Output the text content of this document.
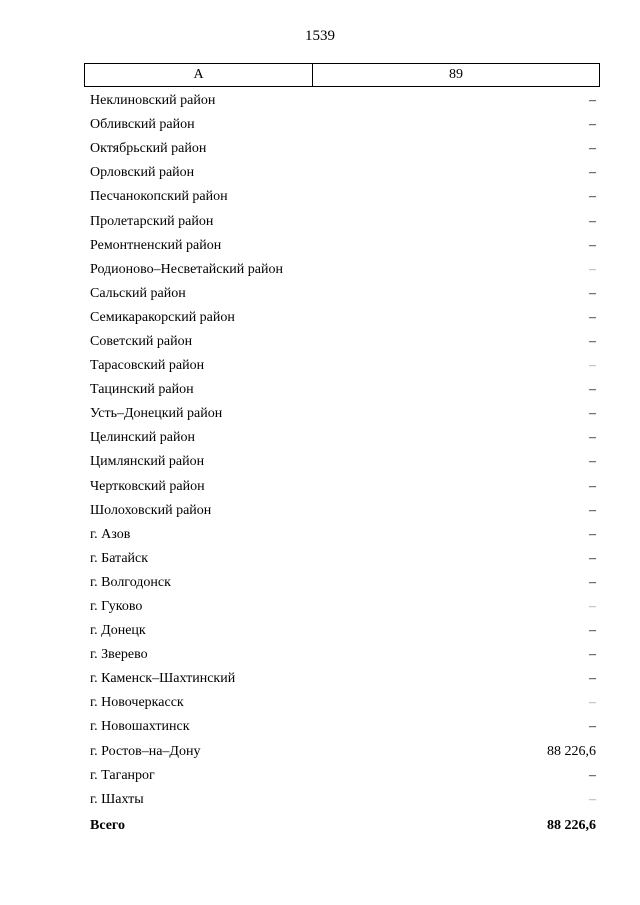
1539
А	89
Неклиновский район	–
Обливский район	–
Октябрьский район	–
Орловский район	–
Песчанокопский район	–
Пролетарский район	–
Ремонтненский район	–
Родионово–Несветайский район	–
Сальский район	–
Семикаракорский район	–
Советский район	–
Тарасовский район	–
Тацинский район	–
Усть–Донецкий район	–
Целинский район	–
Цимлянский район	–
Чертковский район	–
Шолоховский район	–
г. Азов	–
г. Батайск	–
г. Волгодонск	–
г. Гуково	–
г. Донецк	–
г. Зверево	–
г. Каменск–Шахтинский	–
г. Новочеркасск	–
г. Новошахтинск	–
г. Ростов–на–Дону	88 226,6
г. Таганрог	–
г. Шахты	–
Всего	88 226,6
